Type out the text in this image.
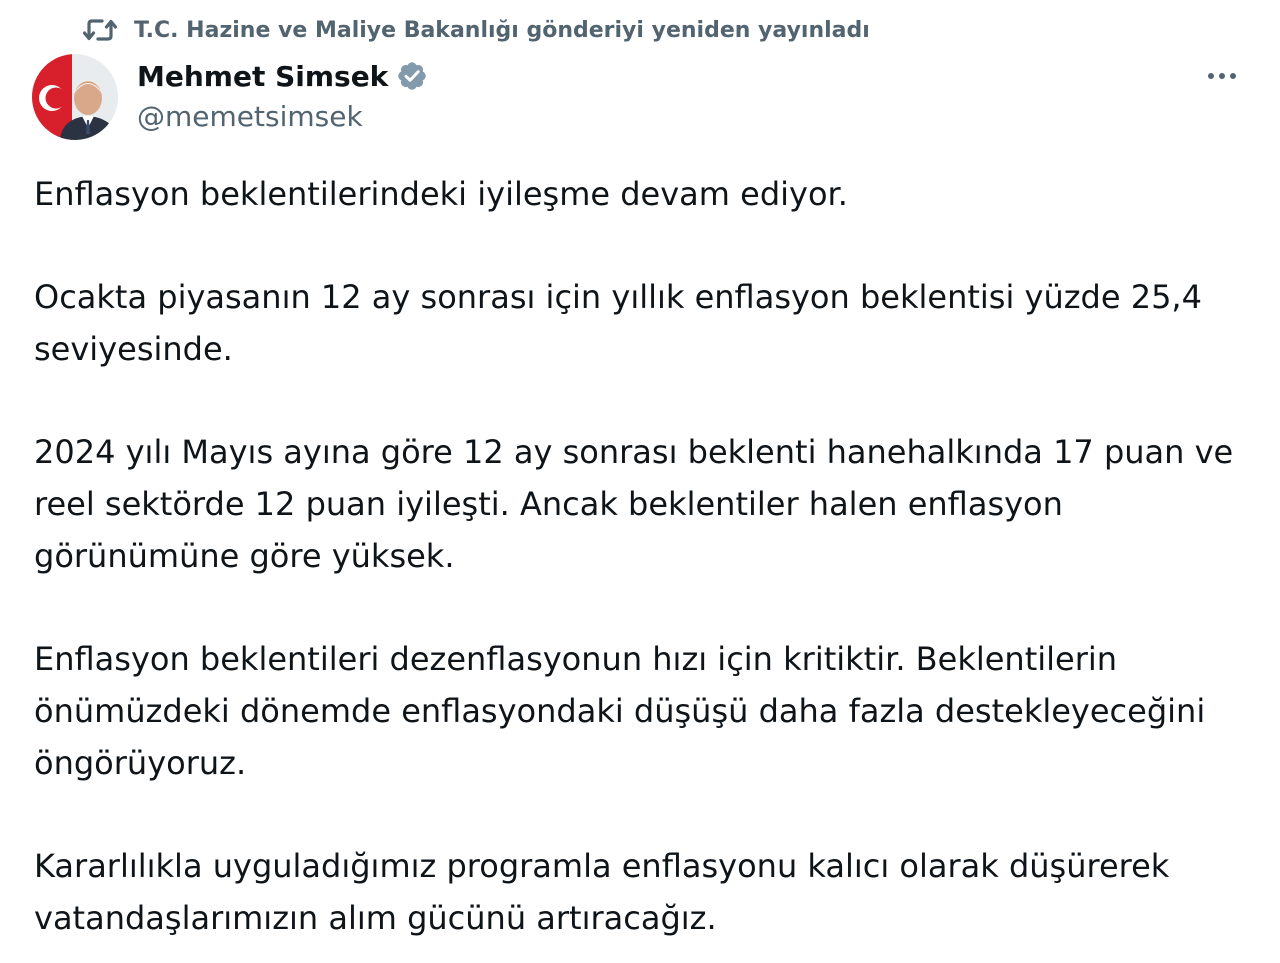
T.C. Hazine ve Maliye Bakanlığı gönderiyi yeniden yayınladı
Mehmet Simsek
@memetsimsek

Enflasyon beklentilerindeki iyileşme devam ediyor.

Ocakta piyasanın 12 ay sonrası için yıllık enflasyon beklentisi yüzde 25,4
seviyesinde.

2024 yılı Mayıs ayına göre 12 ay sonrası beklenti hanehalkında 17 puan ve
reel sektörde 12 puan iyileşti. Ancak beklentiler halen enflasyon
görünümüne göre yüksek.

Enflasyon beklentileri dezenflasyonun hızı için kritiktir. Beklentilerin
önümüzdeki dönemde enflasyondaki düşüşü daha fazla destekleyeceğini
öngörüyoruz.

Kararlılıkla uyguladığımız programla enflasyonu kalıcı olarak düşürerek
vatandaşlarımızın alım gücünü artıracağız.
